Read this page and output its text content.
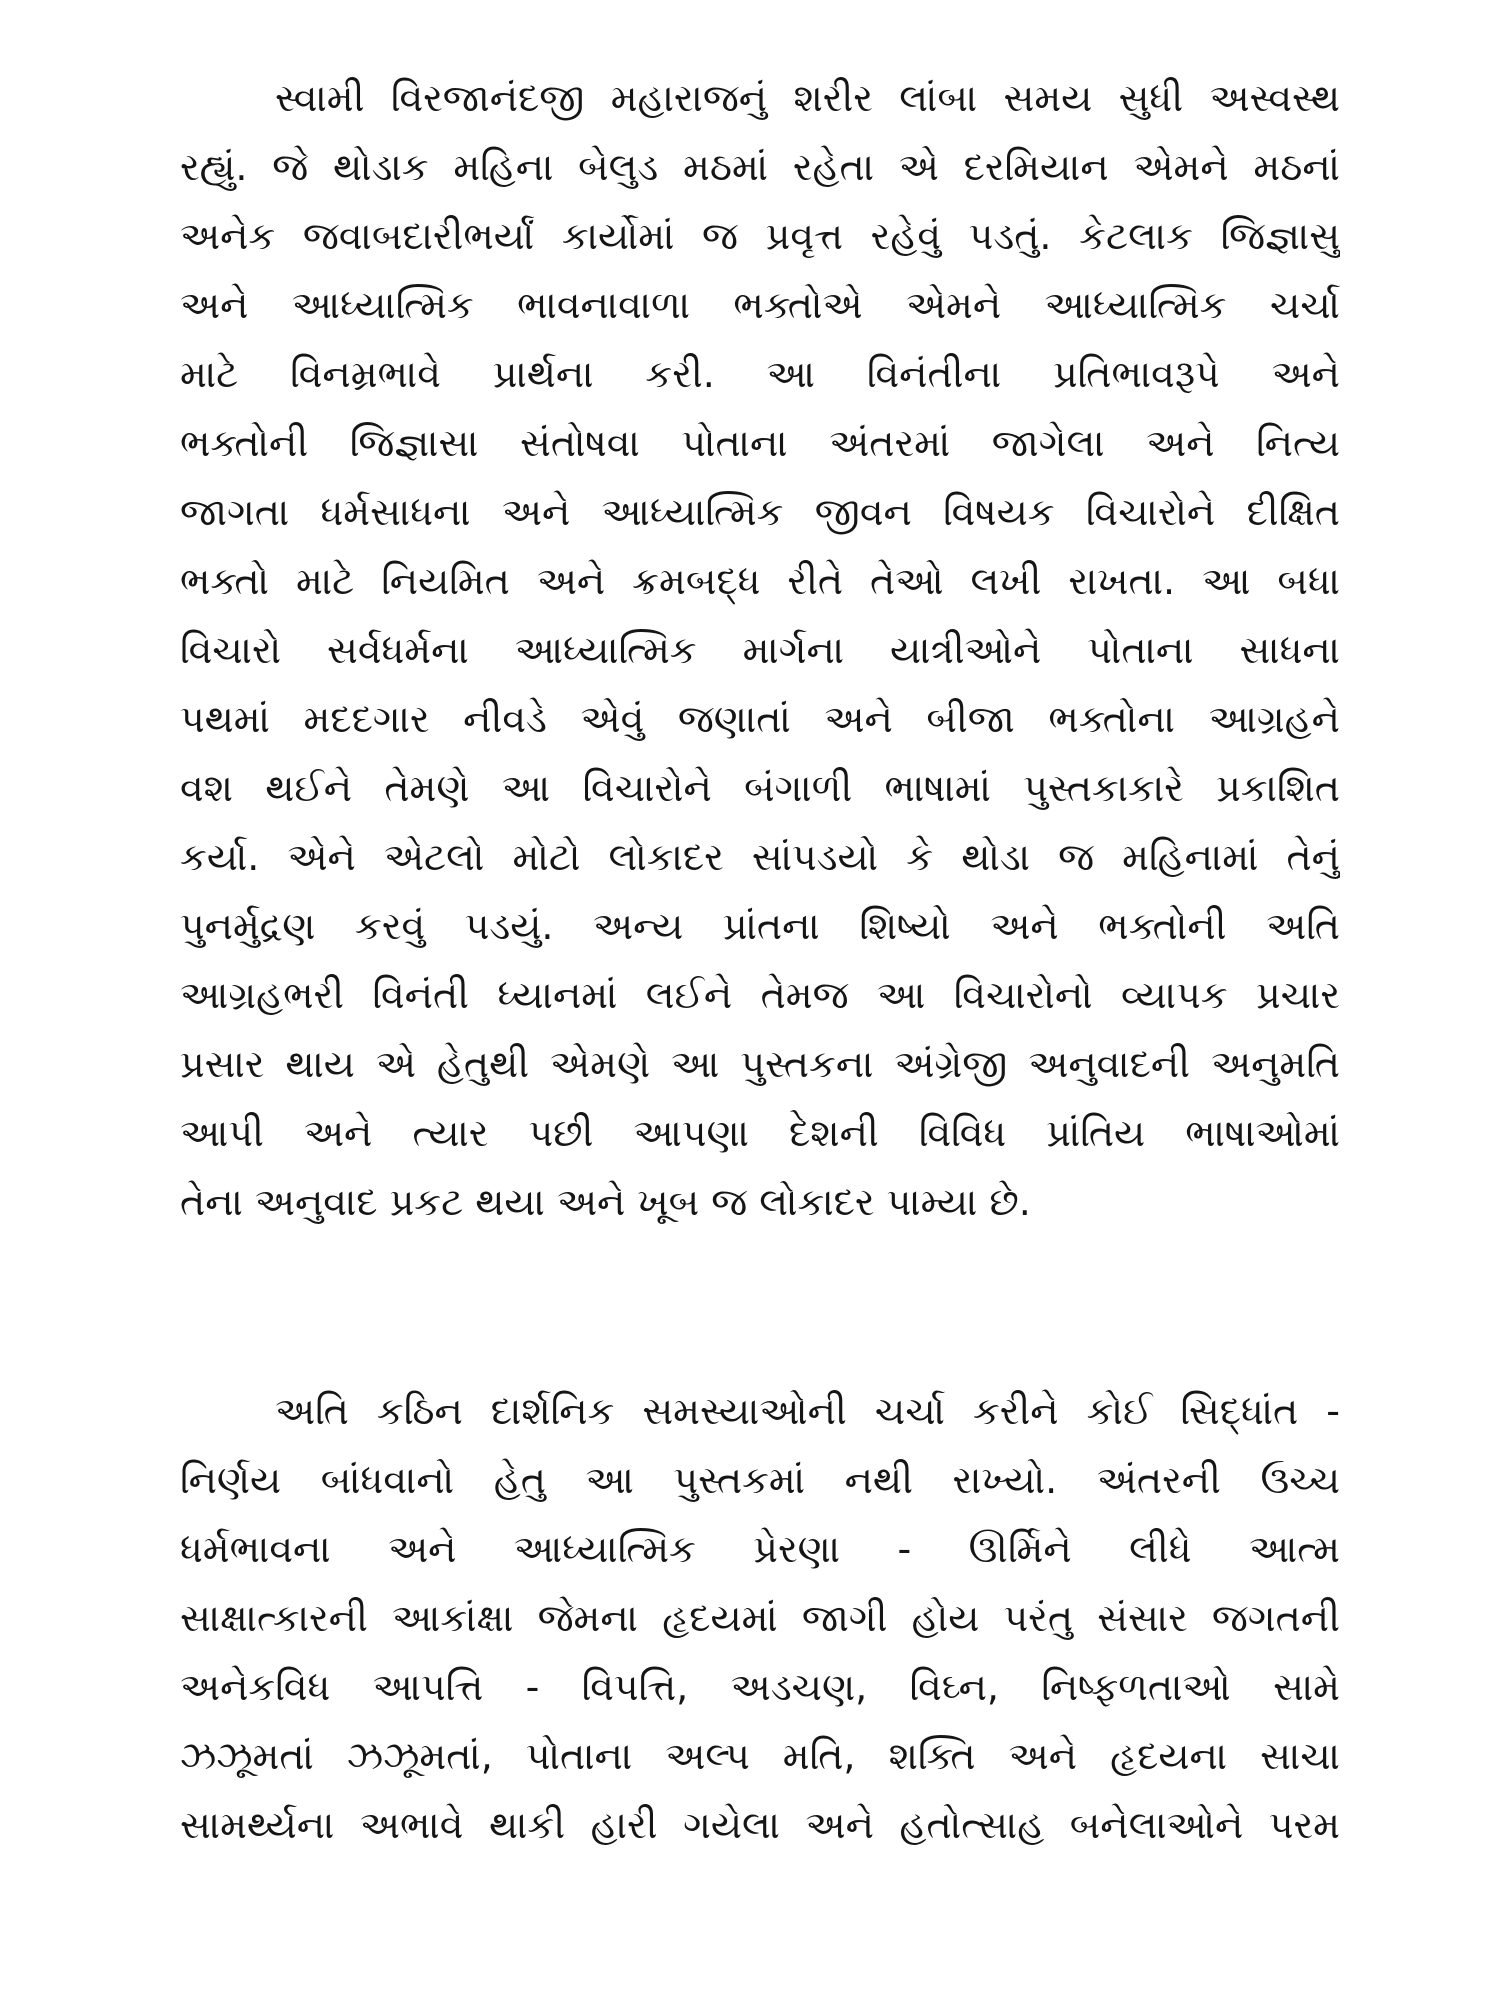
સ્વામી વિરજાનંદજી મહારાજનું શરીર લાંબા સમય સુધી અસ્વસ્થ
રહ્યું. જે થોડાક મહિના બેલુડ મઠમાં રહેતા એ દરમિયાન એમને મઠનાં
અનેક જવાબદારીભર્યાં કાર્યોમાં જ પ્રવૃત્ત રહેવું પડતું. કેટલાક જિજ્ઞાસુ
અને આધ્યાત્મિક ભાવનાવાળા ભક્તોએ એમને આધ્યાત્મિક ચર્ચા
માટે વિનમ્રભાવે પ્રાર્થના કરી. આ વિનંતીના પ્રતિભાવરૂપે અને
ભક્તોની જિજ્ઞાસા સંતોષવા પોતાના અંતરમાં જાગેલા અને નિત્ય
જાગતા ધર્મસાધના અને આધ્યાત્મિક જીવન વિષયક વિચારોને દીક્ષિત
ભક્તો માટે નિયમિત અને ક્રમબદ્ધ રીતે તેઓ લખી રાખતા. આ બધા
વિચારો સર્વધર્મના આધ્યાત્મિક માર્ગના યાત્રીઓને પોતાના સાધના
પથમાં મદદગાર નીવડે એવું જણાતાં અને બીજા ભક્તોના આગ્રહને
વશ થઈને તેમણે આ વિચારોને બંગાળી ભાષામાં પુસ્તકાકારે પ્રકાશિત
કર્યા. એને એટલો મોટો લોકાદર સાંપડયો કે થોડા જ મહિનામાં તેનું
પુનર્મુદ્રણ કરવું પડયું. અન્ય પ્રાંતના શિષ્યો અને ભક્તોની અતિ
આગ્રહભરી વિનંતી ધ્યાનમાં લઈને તેમજ આ વિચારોનો વ્યાપક પ્રચાર
પ્રસાર થાય એ હેતુથી એમણે આ પુસ્તકના અંગ્રેજી અનુવાદની અનુમતિ
આપી અને ત્યાર પછી આપણા દેશની વિવિધ પ્રાંતિય ભાષાઓમાં
તેના અનુવાદ પ્રકટ થયા અને ખૂબ જ લોકાદર પામ્યા છે.
અતિ કઠિન દાર્શનિક સમસ્યાઓની ચર્ચા કરીને કોઈ સિદ્ધાંત -
નિર્ણય બાંધવાનો હેતુ આ પુસ્તકમાં નથી રાખ્યો. અંતરની ઉચ્ચ
ધર્મભાવના અને આધ્યાત્મિક પ્રેરણા - ઊર્મિને લીધે આત્મ
સાક્ષાત્કારની આકાંક્ષા જેમના હૃદયમાં જાગી હોય પરંતુ સંસાર જગતની
અનેકવિધ આપત્તિ - વિપત્તિ, અડચણ, વિઘ્ન, નિષ્ફળતાઓ સામે
ઝઝૂમતાં ઝઝૂમતાં, પોતાના અલ્પ મતિ, શક્તિ અને હૃદયના સાચા
સામર્થ્યના અભાવે થાકી હારી ગયેલા અને હતોત્સાહ બનેલાઓને પરમ
